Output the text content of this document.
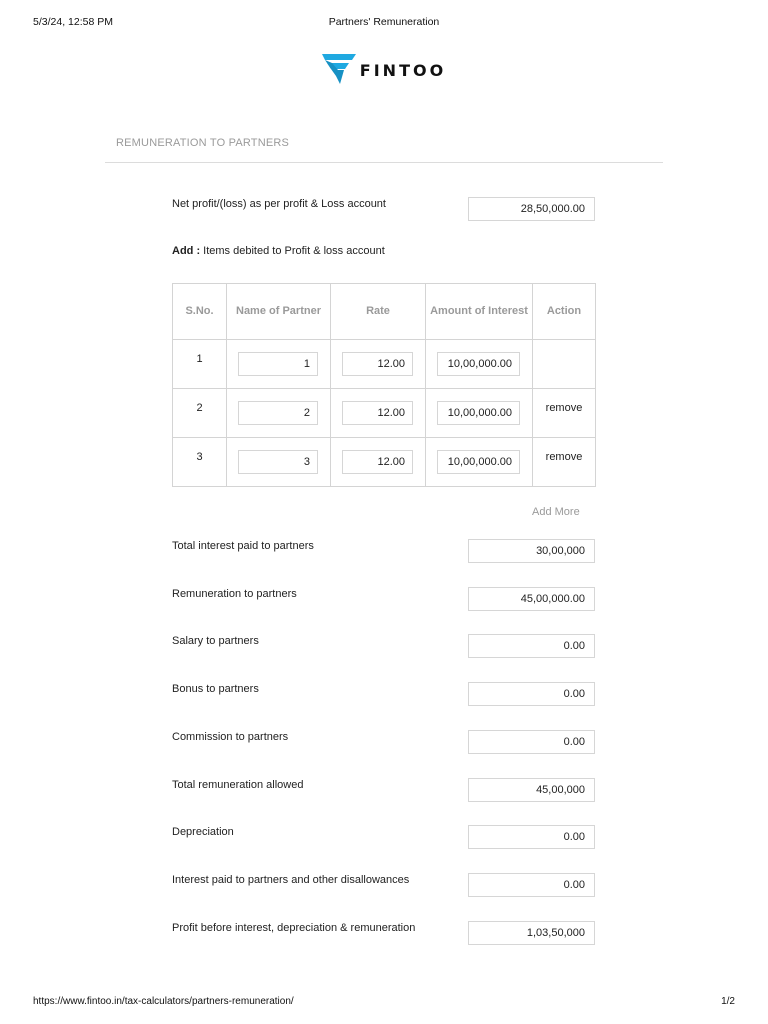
5/3/24, 12:58 PM	Partners' Remuneration
FINTOO
REMUNERATION TO PARTNERS
Net profit/(loss) as per profit & Loss account	28,50,000.00
Add : Items debited to Profit & loss account
S.No.	Name of Partner	Rate	Amount of Interest	Action

1	1	12.00	10,00,000.00	

2	2	12.00	10,00,000.00	remove

3	3	12.00	10,00,000.00	remove
Add More
Total interest paid to partners	30,00,000
Remuneration to partners	45,00,000.00
Salary to partners	0.00
Bonus to partners	0.00
Commission to partners	0.00
Total remuneration allowed	45,00,000
Depreciation	0.00
Interest paid to partners and other disallowances	0.00
Profit before interest, depreciation & remuneration	1,03,50,000
https://www.fintoo.in/tax-calculators/partners-remuneration/	1/2
